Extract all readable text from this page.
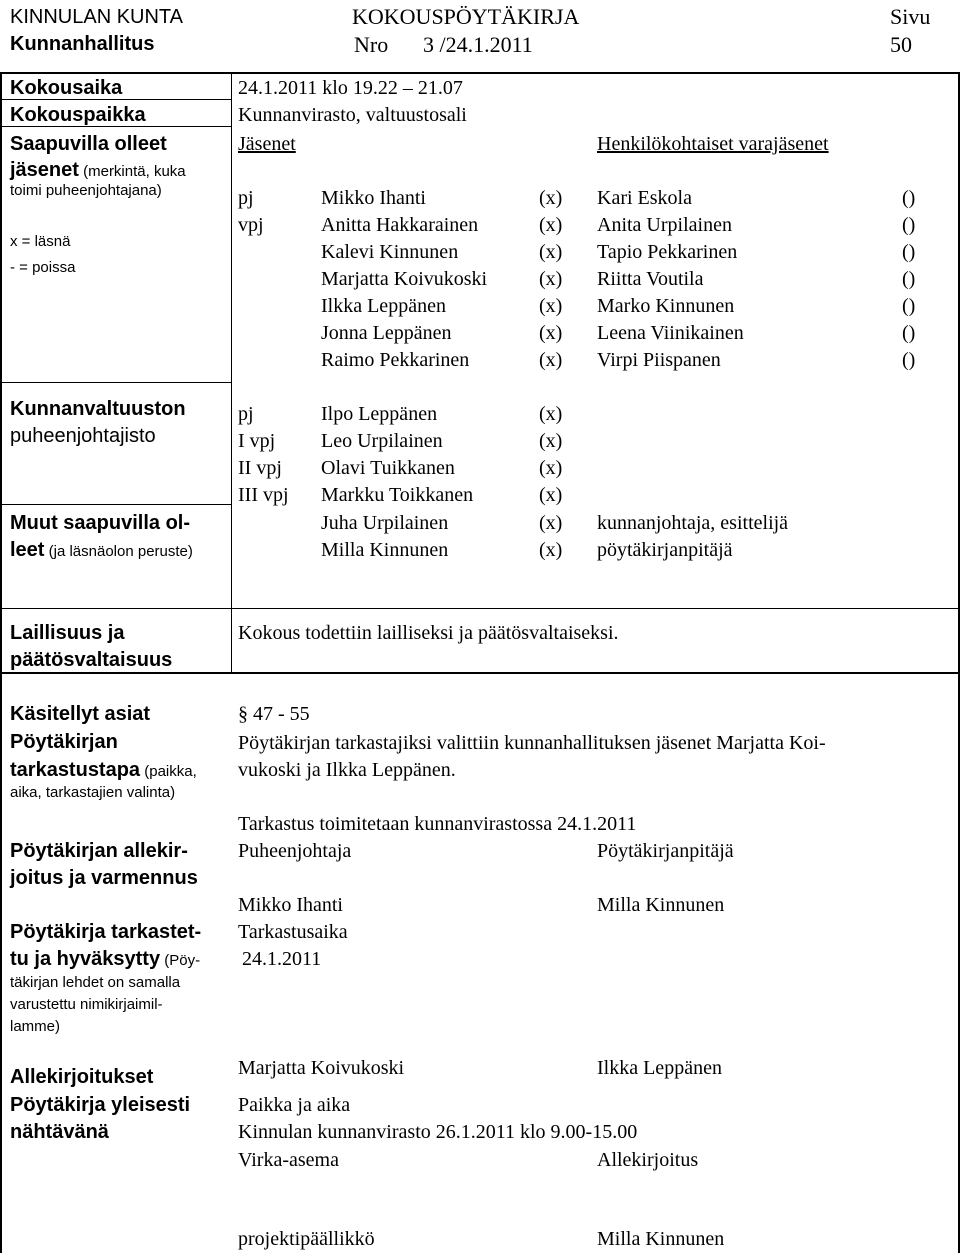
KINNULAN KUNTA	KOKOUSPÖYTÄKIRJA	Sivu
Kunnanhallitus	Nro 3 /24.1.2011	50
Kokousaika	24.1.2011 klo 19.22 – 21.07
Kokouspaikka	Kunnanvirasto, valtuustosali
Saapuvilla olleet
jäsenet (merkintä, kuka
toimi puheenjohtajana)
x = läsnä
- = poissa
Jäsenet	Henkilökohtaiset varajäsenet
pj	Mikko Ihanti	(x) Kari Eskola	()
vpj	Anitta Hakkarainen	(x) Anita Urpilainen	()
Kalevi Kinnunen	(x) Tapio Pekkarinen	()
Marjatta Koivukoski	(x) Riitta Voutila	()
Ilkka Leppänen	(x) Marko Kinnunen	()
Jonna Leppänen	(x) Leena Viinikainen	()
Raimo Pekkarinen	(x) Virpi Piispanen	()
Kunnanvaltuuston
puheenjohtajisto
pj	Ilpo Leppänen	(x)
I vpj Leo Urpilainen	(x)
II vpj Olavi Tuikkanen	(x)
III vpj Markku Toikkanen	(x)
Muut saapuvilla ol-
leet (ja läsnäolon peruste)
Juha Urpilainen	(x) kunnanjohtaja, esittelijä
Milla Kinnunen	(x) pöytäkirjanpitäjä
Laillisuus ja
päätösvaltaisuus
Kokous todettiin lailliseksi ja päätösvaltaiseksi.
Käsitellyt asiat	§ 47 - 55
Pöytäkirjan
tarkastustapa (paikka,
aika, tarkastajien valinta)
Pöytäkirjan tarkastajiksi valittiin kunnanhallituksen jäsenet Marjatta Koi-
vukoski ja Ilkka Leppänen.
Tarkastus toimitetaan kunnanvirastossa 24.1.2011
Pöytäkirjan allekir-
joitus ja varmennus
Puheenjohtaja	Pöytäkirjanpitäjä
Mikko Ihanti	Milla Kinnunen
Pöytäkirja tarkastet-
tu ja hyväksytty (Pöy-
täkirjan lehdet on samalla
varustettu nimikirjaimil-
lamme)
Tarkastusaika
24.1.2011
Allekirjoitukset	Marjatta Koivukoski	Ilkka Leppänen
Pöytäkirja yleisesti
nähtävänä
Paikka ja aika
Kinnulan kunnanvirasto 26.1.2011 klo 9.00-15.00
Virka-asema	Allekirjoitus
projektipäällikkö	Milla Kinnunen
